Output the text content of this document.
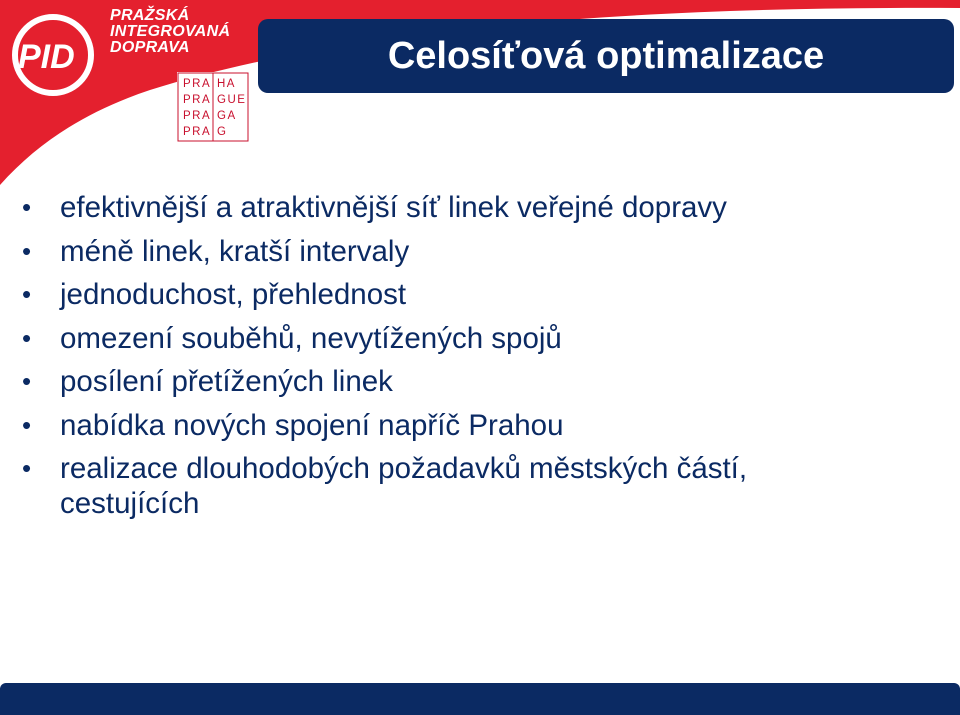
PID
PRAŽSKÁ
INTEGROVANÁ
DOPRAVA
PRA HA
PRA GUE
PRA GA
PRA G
Celosíťová optimalizace
• efektivnější a atraktivnější síť linek veřejné dopravy
• méně linek, kratší intervaly
• jednoduchost, přehlednost
• omezení souběhů, nevytížených spojů
• posílení přetížených linek
• nabídka nových spojení napříč Prahou
• realizace dlouhodobých požadavků městských částí, cestujících
